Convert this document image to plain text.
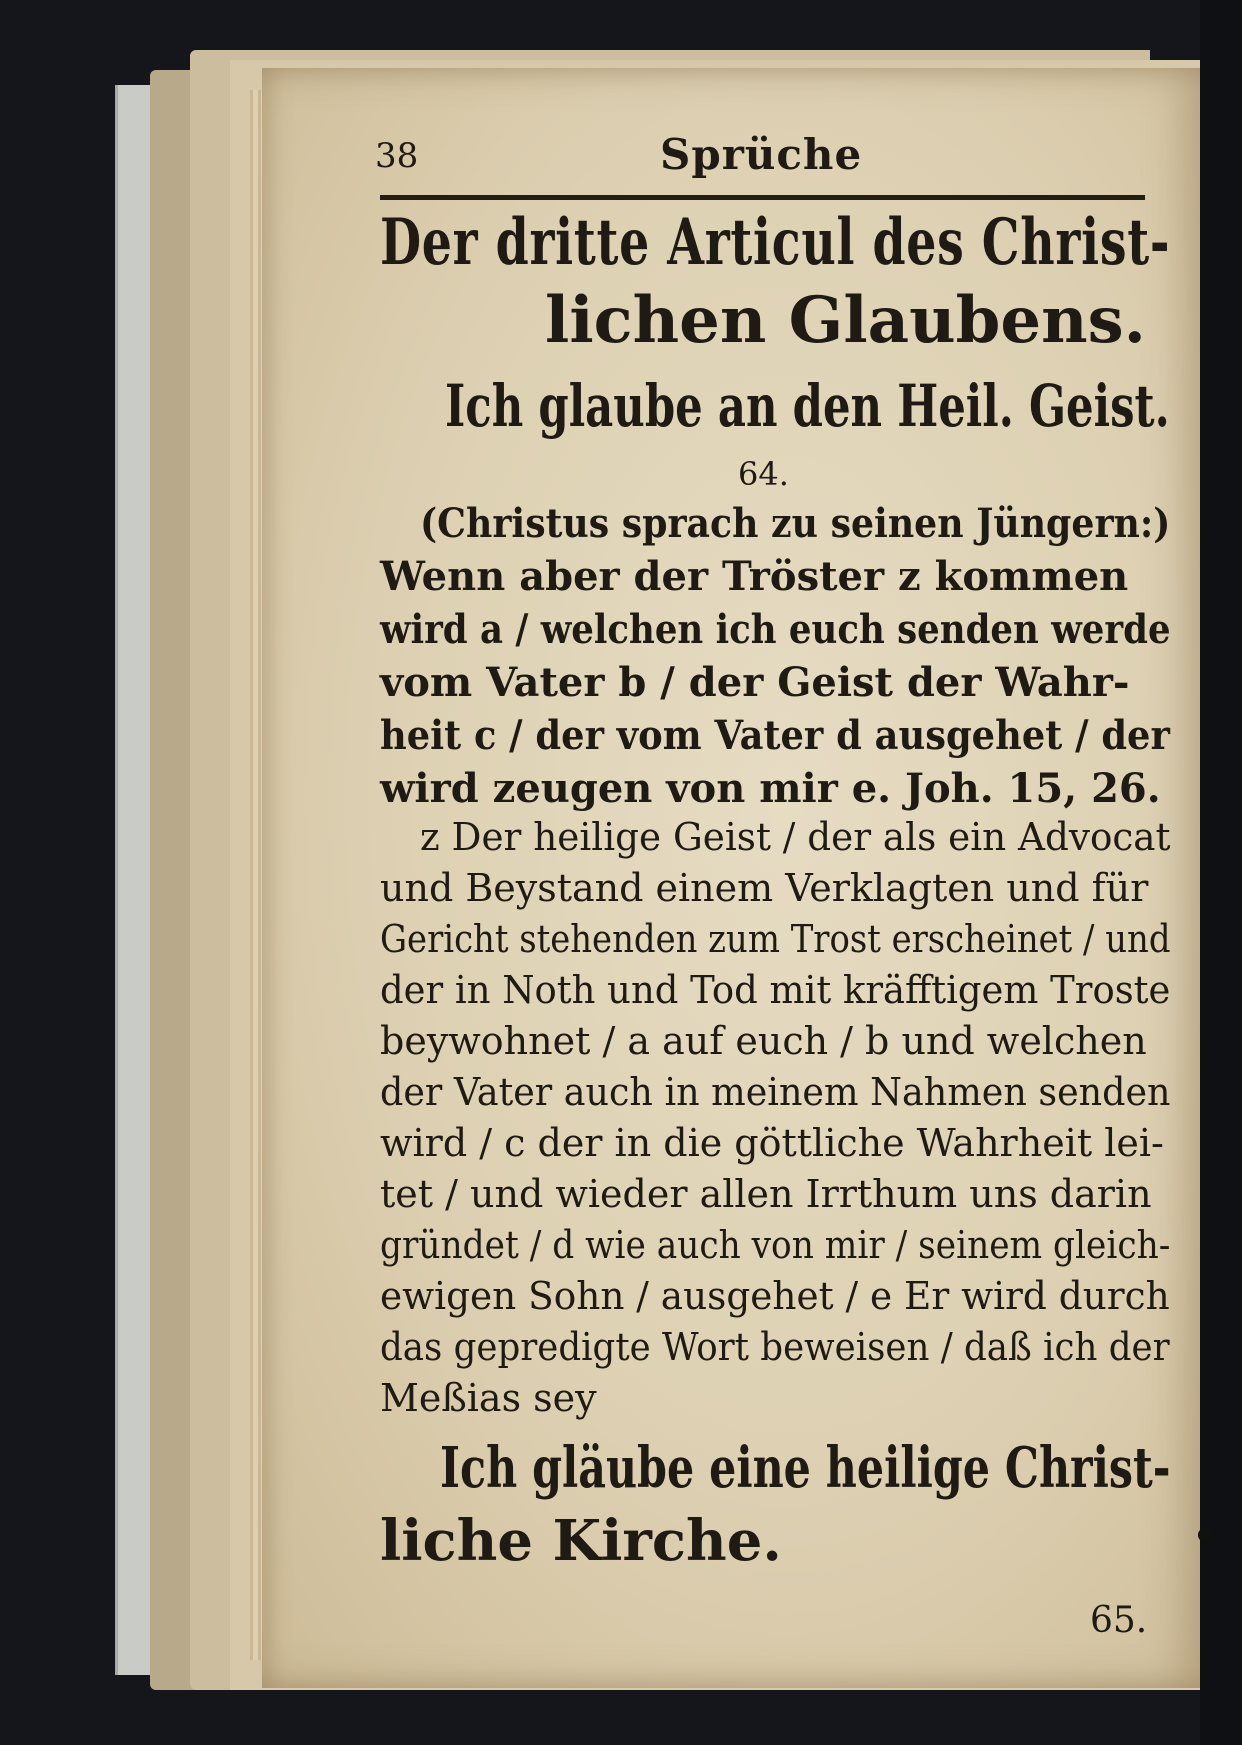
38	Sprüche
Der dritte Articul des Christ-
lichen Glaubens.
Ich glaube an den Heil. Geist.
64.
(Christus sprach zu seinen Jüngern:)
Wenn aber der Tröster z kommen
wird a / welchen ich euch senden werde
vom Vater b / der Geist der Wahr-
heit c / der vom Vater d ausgehet / der
wird zeugen von mir e. Joh. 15, 26.
z Der heilige Geist / der als ein Advocat
und Beystand einem Verklagten und für
Gericht stehenden zum Trost erscheinet / und
der in Noth und Tod mit kräfftigem Troste
beywohnet / a auf euch / b und welchen
der Vater auch in meinem Nahmen senden
wird / c der in die göttliche Wahrheit lei-
tet / und wieder allen Irrthum uns darin
gründet / d wie auch von mir / seinem gleich-
ewigen Sohn / ausgehet / e Er wird durch
das gepredigte Wort beweisen / daß ich der
Meßias sey
Ich gläube eine heilige Christ-
liche Kirche.
65.
